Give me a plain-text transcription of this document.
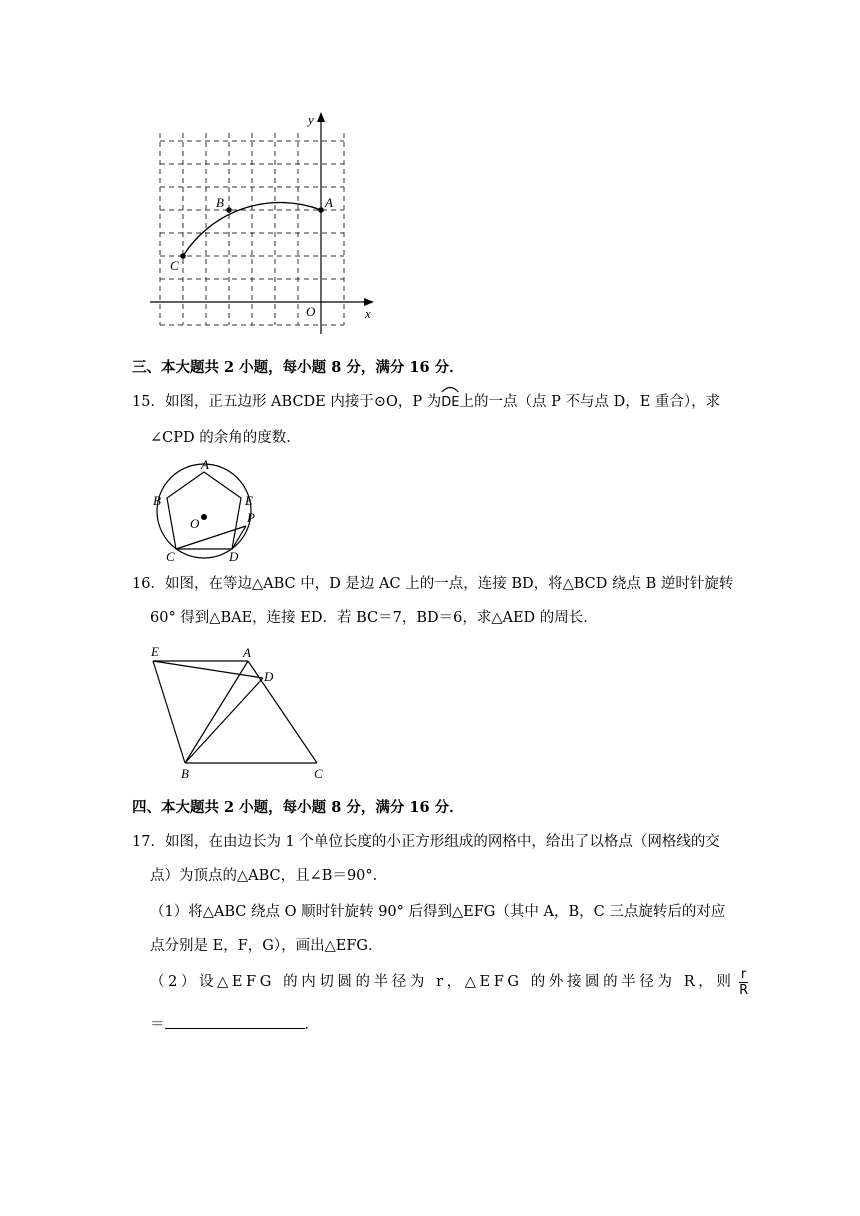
A
B
C
O	x
y
三、本大题共 2 小题，每小题 8 分，满分 16 分．
15．如图，正五边形 ABCDE 内接于⊙O，P 为
DE上的一点（点 P 不与点 D，E 重合），求
∠CPD 的余角的度数．
A
B
C	D
E
O	P
16．如图，在等边△ABC 中，D 是边 AC 上的一点，连接 BD，将△BCD 绕点 B 逆时针旋转
60° 得到△BAE，连接 ED．若 BC＝7，BD＝6，求△AED 的周长．
E	A
D
B	C
四、本大题共 2 小题，每小题 8 分，满分 16 分．
17．如图，在由边长为 1 个单位长度的小正方形组成的网格中，给出了以格点（网格线的交
点）为顶点的△ABC，且∠B＝90°．
（1）将△ABC 绕点 O 顺时针旋转 90° 后得到△EFG（其中 A，B，C 三点旋转后的对应
点分别是 E，F，G），画出△EFG．
（2）设△EFG 的内切圆的半径为 r，△EFG 的外接圆的半径为 R，则 $\frac{r}{R}$
＝	．
